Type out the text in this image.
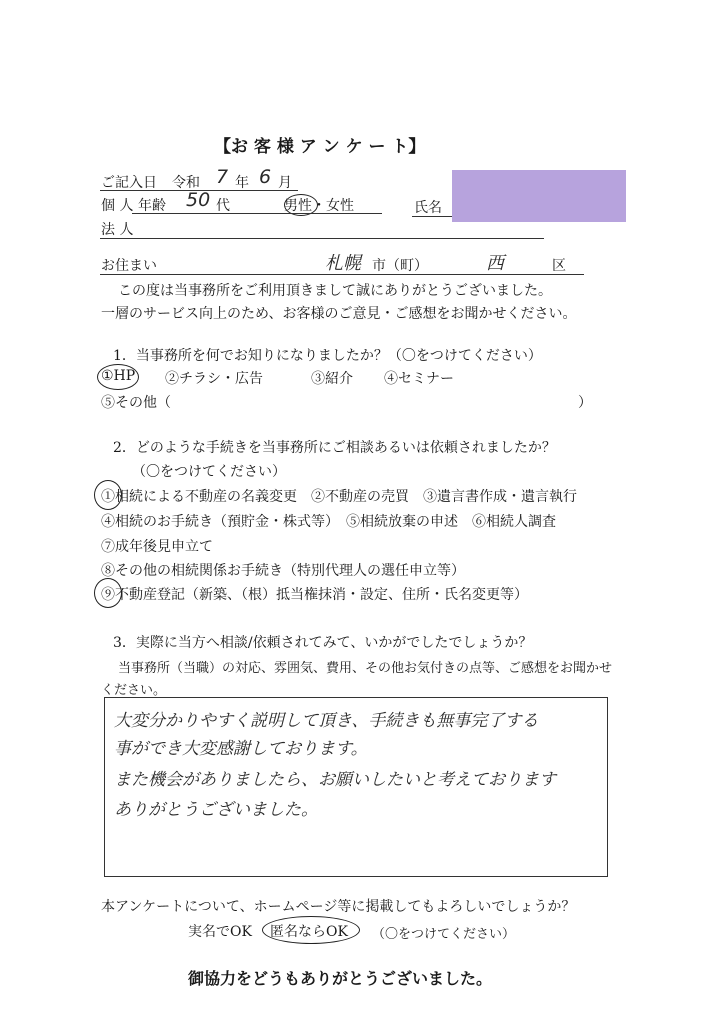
【お 客 様 ア ン ケ ー ト】
ご記入日 令和 7 年 6 月
個 人 年齢 50 代	男性・女性	氏名
法 人
お住まい	札幌 市（町）	西	区
この度は当事務所をご利用頂きまして誠にありがとうございました。
一層のサービス向上のため、お客様のご意見・ご感想をお聞かせください。
1．当事務所を何でお知りになりましたか？（〇をつけてください）
①HP ②チラシ・広告	③紹介 ④セミナー
⑤その他（	）
2．どのような手続きを当事務所にご相談あるいは依頼されましたか？
（〇をつけてください）
①相続による不動産の名義変更　②不動産の売買　③遺言書作成・遺言執行
④相続のお手続き（預貯金・株式等）　⑤相続放棄の申述　⑥相続人調査
⑦成年後見申立て
⑧その他の相続関係お手続き（特別代理人の選任申立等）
⑨不動産登記（新築、（根）抵当権抹消・設定、住所・氏名変更等）
3．実際に当方へ相談/依頼されてみて、いかがでしたでしょうか？
当事務所（当職）の対応、雰囲気、費用、その他お気付きの点等、ご感想をお聞かせ
ください。
大変分かりやすく説明して頂き、手続きも無事完了する
事ができ大変感謝しております。
また機会がありましたら、お願いしたいと考えております
ありがとうございました。
本アンケートについて、ホームページ等に掲載してもよろしいでしょうか？
実名でOK 匿名ならOK （〇をつけてください）
御協力をどうもありがとうございました。
